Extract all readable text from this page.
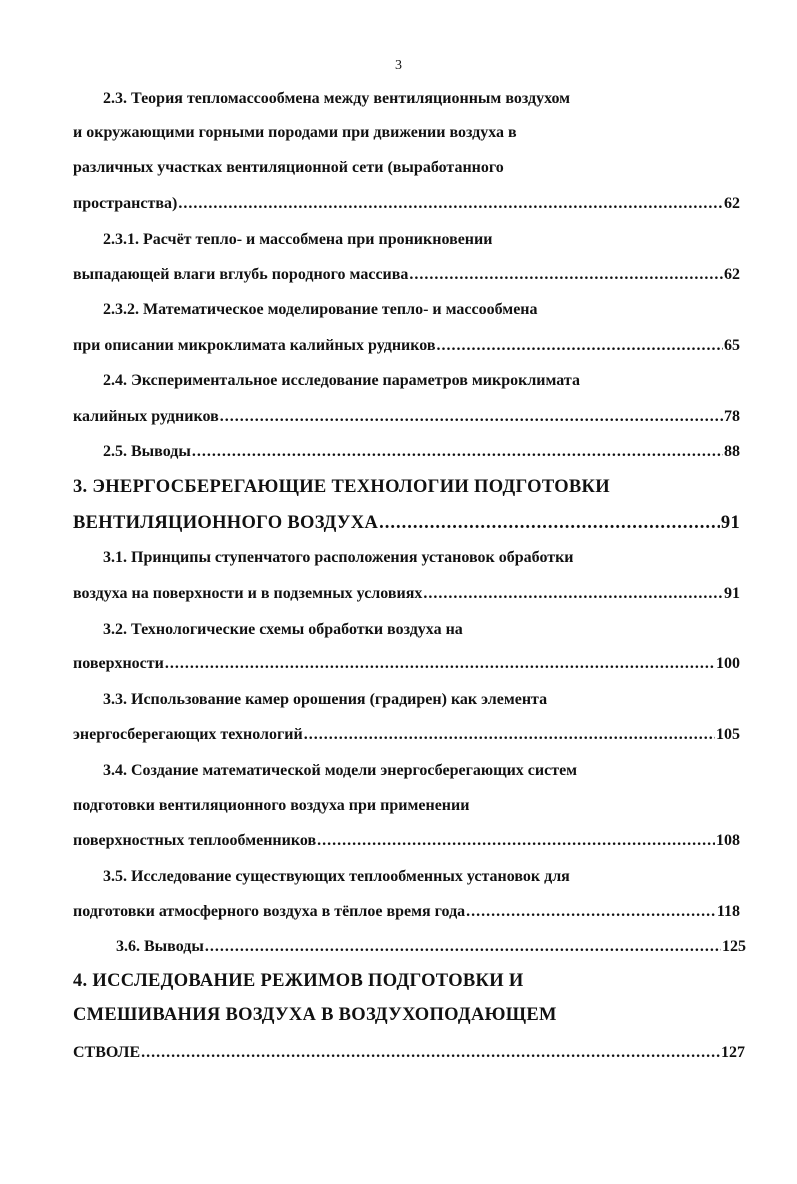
3
2.3. Теория тепломассообмена между вентиляционным воздухом
и окружающими горными породами при движении воздуха в
различных участках вентиляционной сети (выработанного
пространства) .....	62
2.3.1. Расчёт тепло- и массобмена при проникновении
выпадающей влаги вглубь породного массива .....	62
2.3.2. Математическое моделирование тепло- и массообмена
при описании микроклимата калийных рудников .....	65
2.4. Экспериментальное исследование параметров микроклимата
калийных рудников .....	78
2.5. Выводы .....	88
3. ЭНЕРГОСБЕРЕГАЮЩИЕ ТЕХНОЛОГИИ ПОДГОТОВКИ
ВЕНТИЛЯЦИОННОГО ВОЗДУХА .....	91
3.1. Принципы ступенчатого расположения установок обработки
воздуха на поверхности и в подземных условиях .....	91
3.2. Технологические схемы обработки воздуха на
поверхности .....	100
3.3. Использование камер орошения (градирен) как элемента
энергосберегающих технологий .....	105
3.4. Создание математической модели энергосберегающих систем
подготовки вентиляционного воздуха при применении
поверхностных теплообменников .....	108
3.5. Исследование существующих теплообменных установок для
подготовки атмосферного воздуха в тёплое время года .....	118
3.6. Выводы .....	125
4. ИССЛЕДОВАНИЕ РЕЖИМОВ ПОДГОТОВКИ И
СМЕШИВАНИЯ ВОЗДУХА В ВОЗДУХОПОДАЮЩЕМ
СТВОЛЕ .....	127
